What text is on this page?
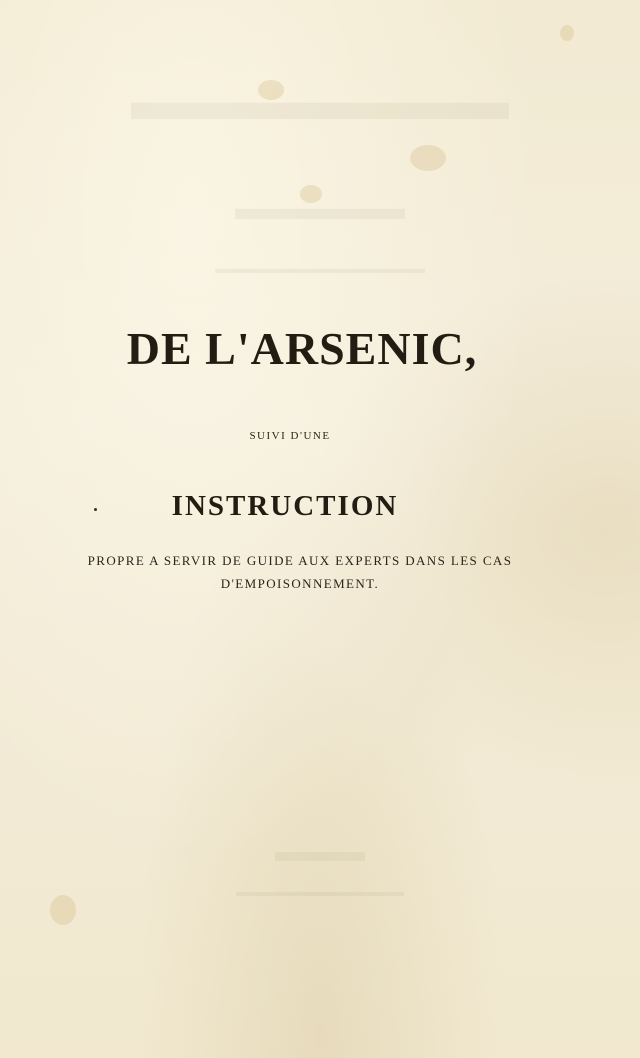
▬▬▬▬▬▬▬
▬▬▬▬▬
▬▬▬▬▬▬▬▬▬▬▬▬▬▬▬
▬▬▬
▬▬▬▬▬▬▬▬▬▬▬▬
DE L'ARSENIC,
SUIVI D'UNE
INSTRUCTION
PROPRE A SERVIR DE GUIDE AUX EXPERTS DANS LES CAS
D'EMPOISONNEMENT.
